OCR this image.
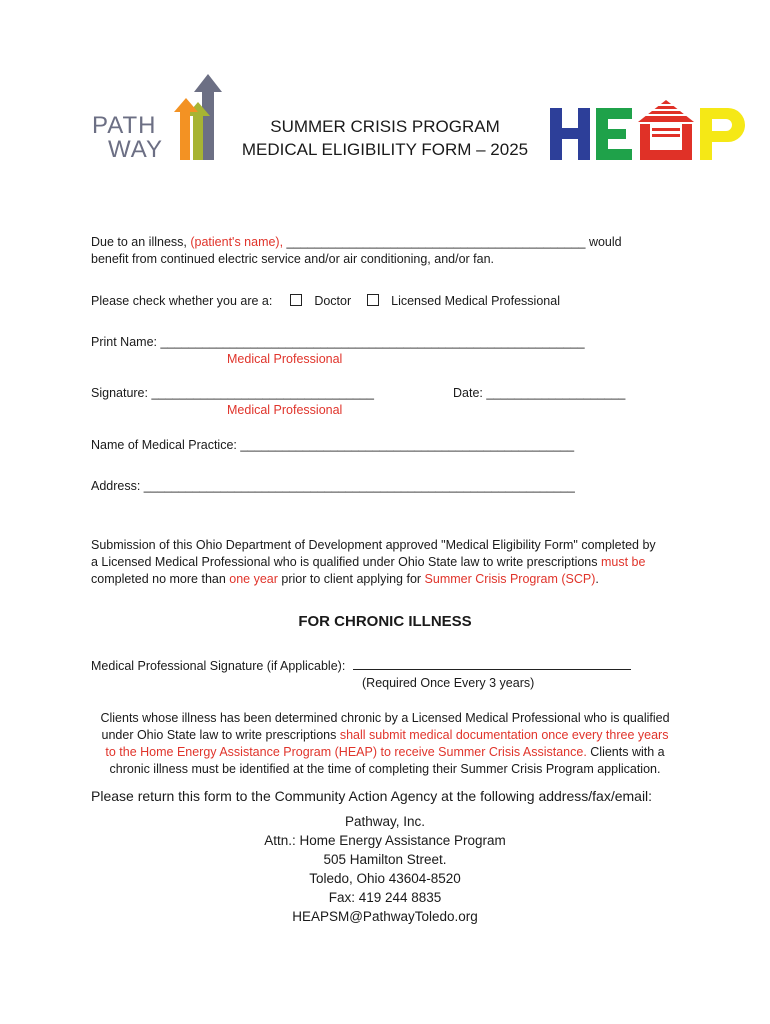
PATH
WAY
SUMMER CRISIS PROGRAM
MEDICAL ELIGIBILITY FORM – 2025
Due to an illness, (patient's name), ___________________________________________ would
benefit from continued electric service and/or air conditioning, and/or fan.
Please check whether you are a:	Doctor	Licensed Medical Professional
Print Name: _____________________________________________________________
Medical Professional
Signature: ________________________________	Date: ____________________
Medical Professional
Name of Medical Practice: ________________________________________________
Address: ______________________________________________________________
Submission of this Ohio Department of Development approved "Medical Eligibility Form" completed by
a Licensed Medical Professional who is qualified under Ohio State law to write prescriptions must be
completed no more than one year prior to client applying for Summer Crisis Program (SCP).
FOR CHRONIC ILLNESS
Medical Professional Signature (if Applicable):
(Required Once Every 3 years)
Clients whose illness has been determined chronic by a Licensed Medical Professional who is qualified
under Ohio State law to write prescriptions shall submit medical documentation once every three years
to the Home Energy Assistance Program (HEAP) to receive Summer Crisis Assistance. Clients with a
chronic illness must be identified at the time of completing their Summer Crisis Program application.
Please return this form to the Community Action Agency at the following address/fax/email:
Pathway, Inc.
Attn.: Home Energy Assistance Program
505 Hamilton Street.
Toledo, Ohio 43604-8520
Fax: 419 244 8835
HEAPSM@PathwayToledo.org
